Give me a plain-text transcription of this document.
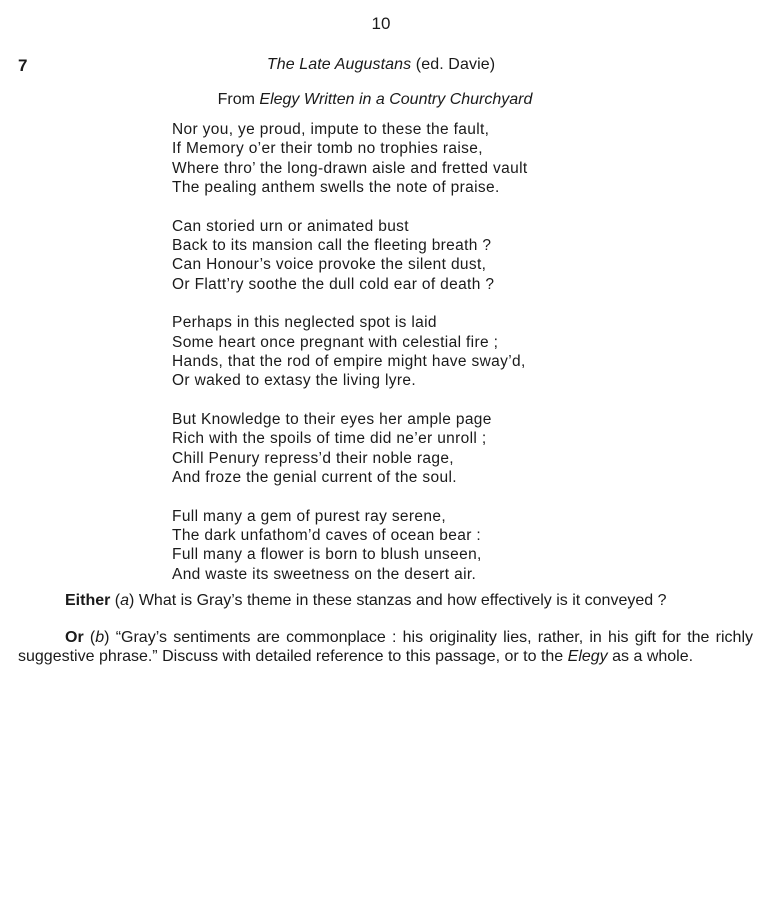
10
7	The Late Augustans (ed. Davie)
From Elegy Written in a Country Churchyard
Nor you, ye proud, impute to these the fault,
If Memory o’er their tomb no trophies raise,
Where thro’ the long-drawn aisle and fretted vault
The pealing anthem swells the note of praise.
Can storied urn or animated bust
Back to its mansion call the fleeting breath ?
Can Honour’s voice provoke the silent dust,
Or Flatt’ry soothe the dull cold ear of death ?
Perhaps in this neglected spot is laid
Some heart once pregnant with celestial fire ;
Hands, that the rod of empire might have sway’d,
Or waked to extasy the living lyre.
But Knowledge to their eyes her ample page
Rich with the spoils of time did ne’er unroll ;
Chill Penury repress’d their noble rage,
And froze the genial current of the soul.
Full many a gem of purest ray serene,
The dark unfathom’d caves of ocean bear :
Full many a flower is born to blush unseen,
And waste its sweetness on the desert air.

Either (a) What is Gray’s theme in these stanzas and how effectively is it conveyed ?

Or (b) “Gray’s sentiments are commonplace : his originality lies, rather, in his gift for the richly suggestive phrase.” Discuss with detailed reference to this passage, or to the Elegy as a whole.
